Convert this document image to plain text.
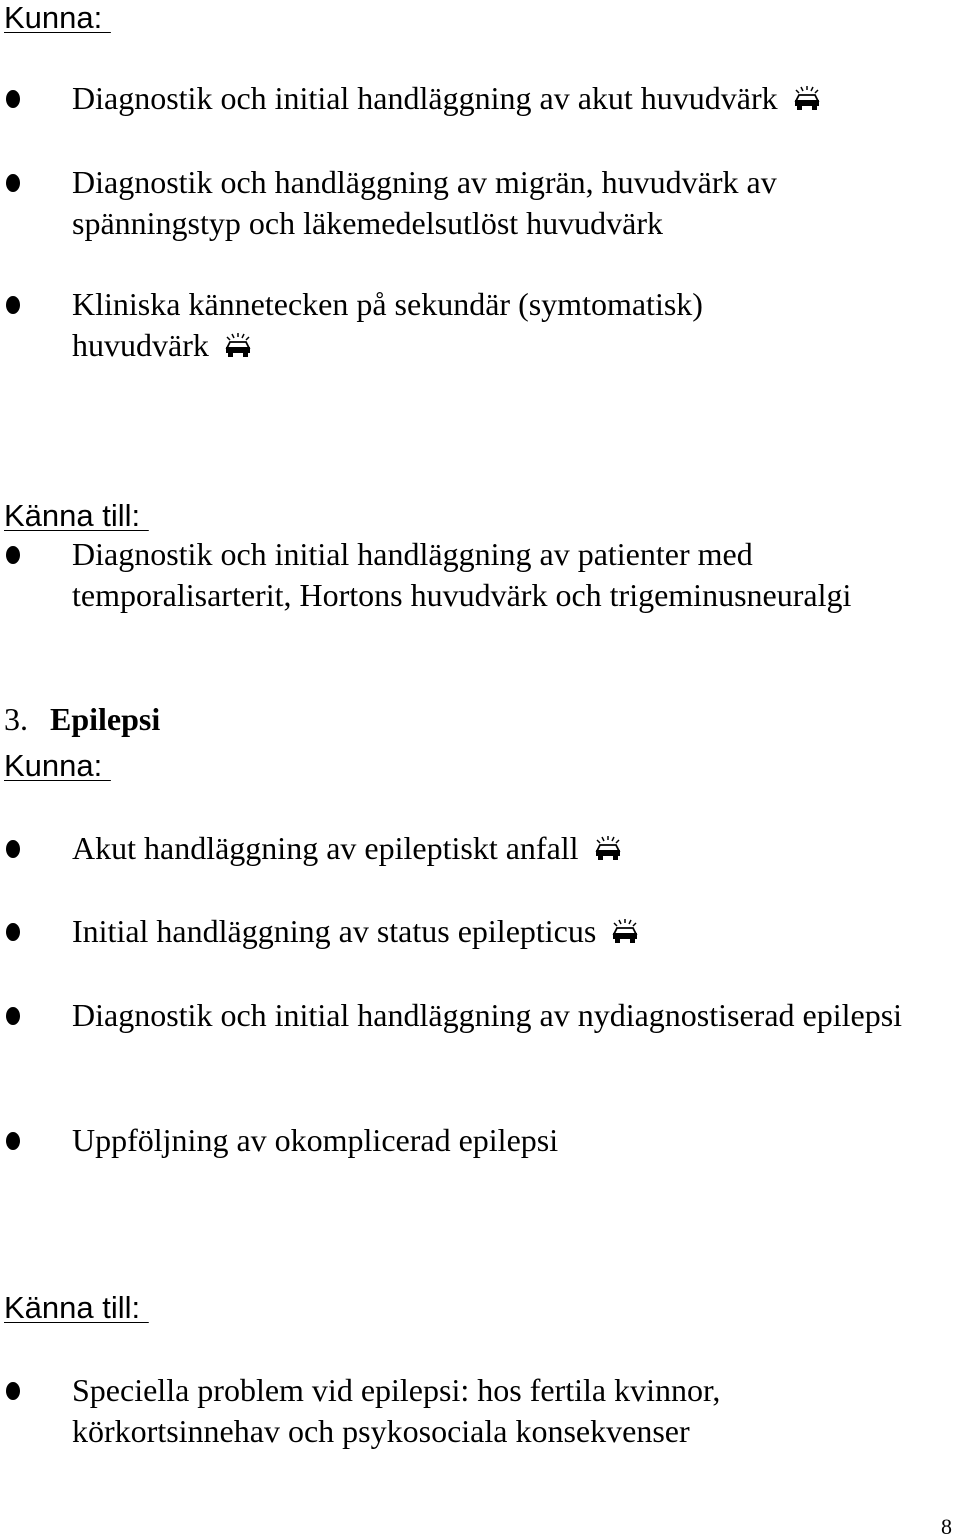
Kunna:
Diagnostik och initial handläggning av akut huvudvärk
Diagnostik och handläggning av migrän, huvudvärk av spänningstyp och läkemedelsutlöst huvudvärk
Kliniska kännetecken på sekundär (symtomatisk) huvudvärk
Känna till:
Diagnostik och initial handläggning av patienter med temporalisarterit, Hortons huvudvärk och trigeminusneuralgi
3. Epilepsi
Kunna:
Akut handläggning av epileptiskt anfall
Initial handläggning av status epilepticus
Diagnostik och initial handläggning av nydiagnostiserad epilepsi
Uppföljning av okomplicerad epilepsi
Känna till:
Speciella problem vid epilepsi: hos fertila kvinnor, körkortsinnehav och psykosociala konsekvenser
8
